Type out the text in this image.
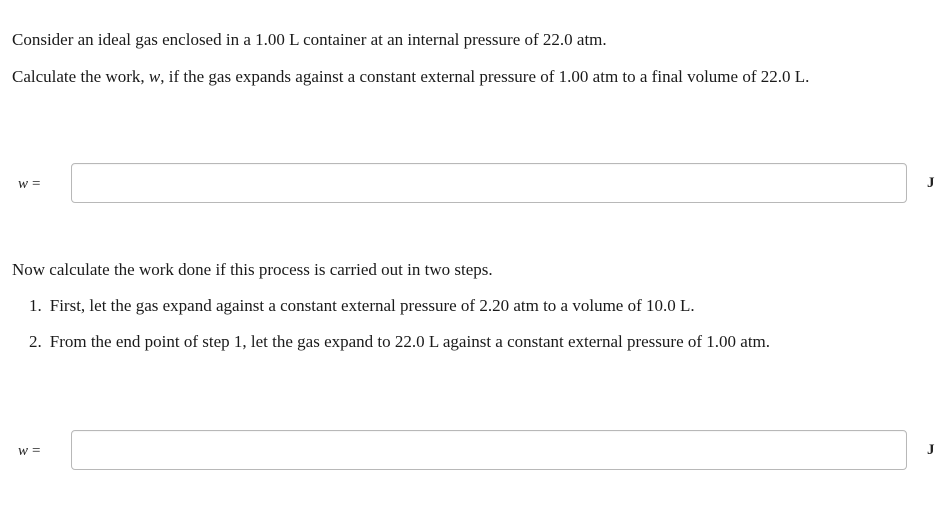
Consider an ideal gas enclosed in a 1.00 L container at an internal pressure of 22.0 atm.
Calculate the work, w, if the gas expands against a constant external pressure of 1.00 atm to a final volume of 22.0 L.
w =	J
Now calculate the work done if this process is carried out in two steps.
1. First, let the gas expand against a constant external pressure of 2.20 atm to a volume of 10.0 L.
2. From the end point of step 1, let the gas expand to 22.0 L against a constant external pressure of 1.00 atm.
w =	J
